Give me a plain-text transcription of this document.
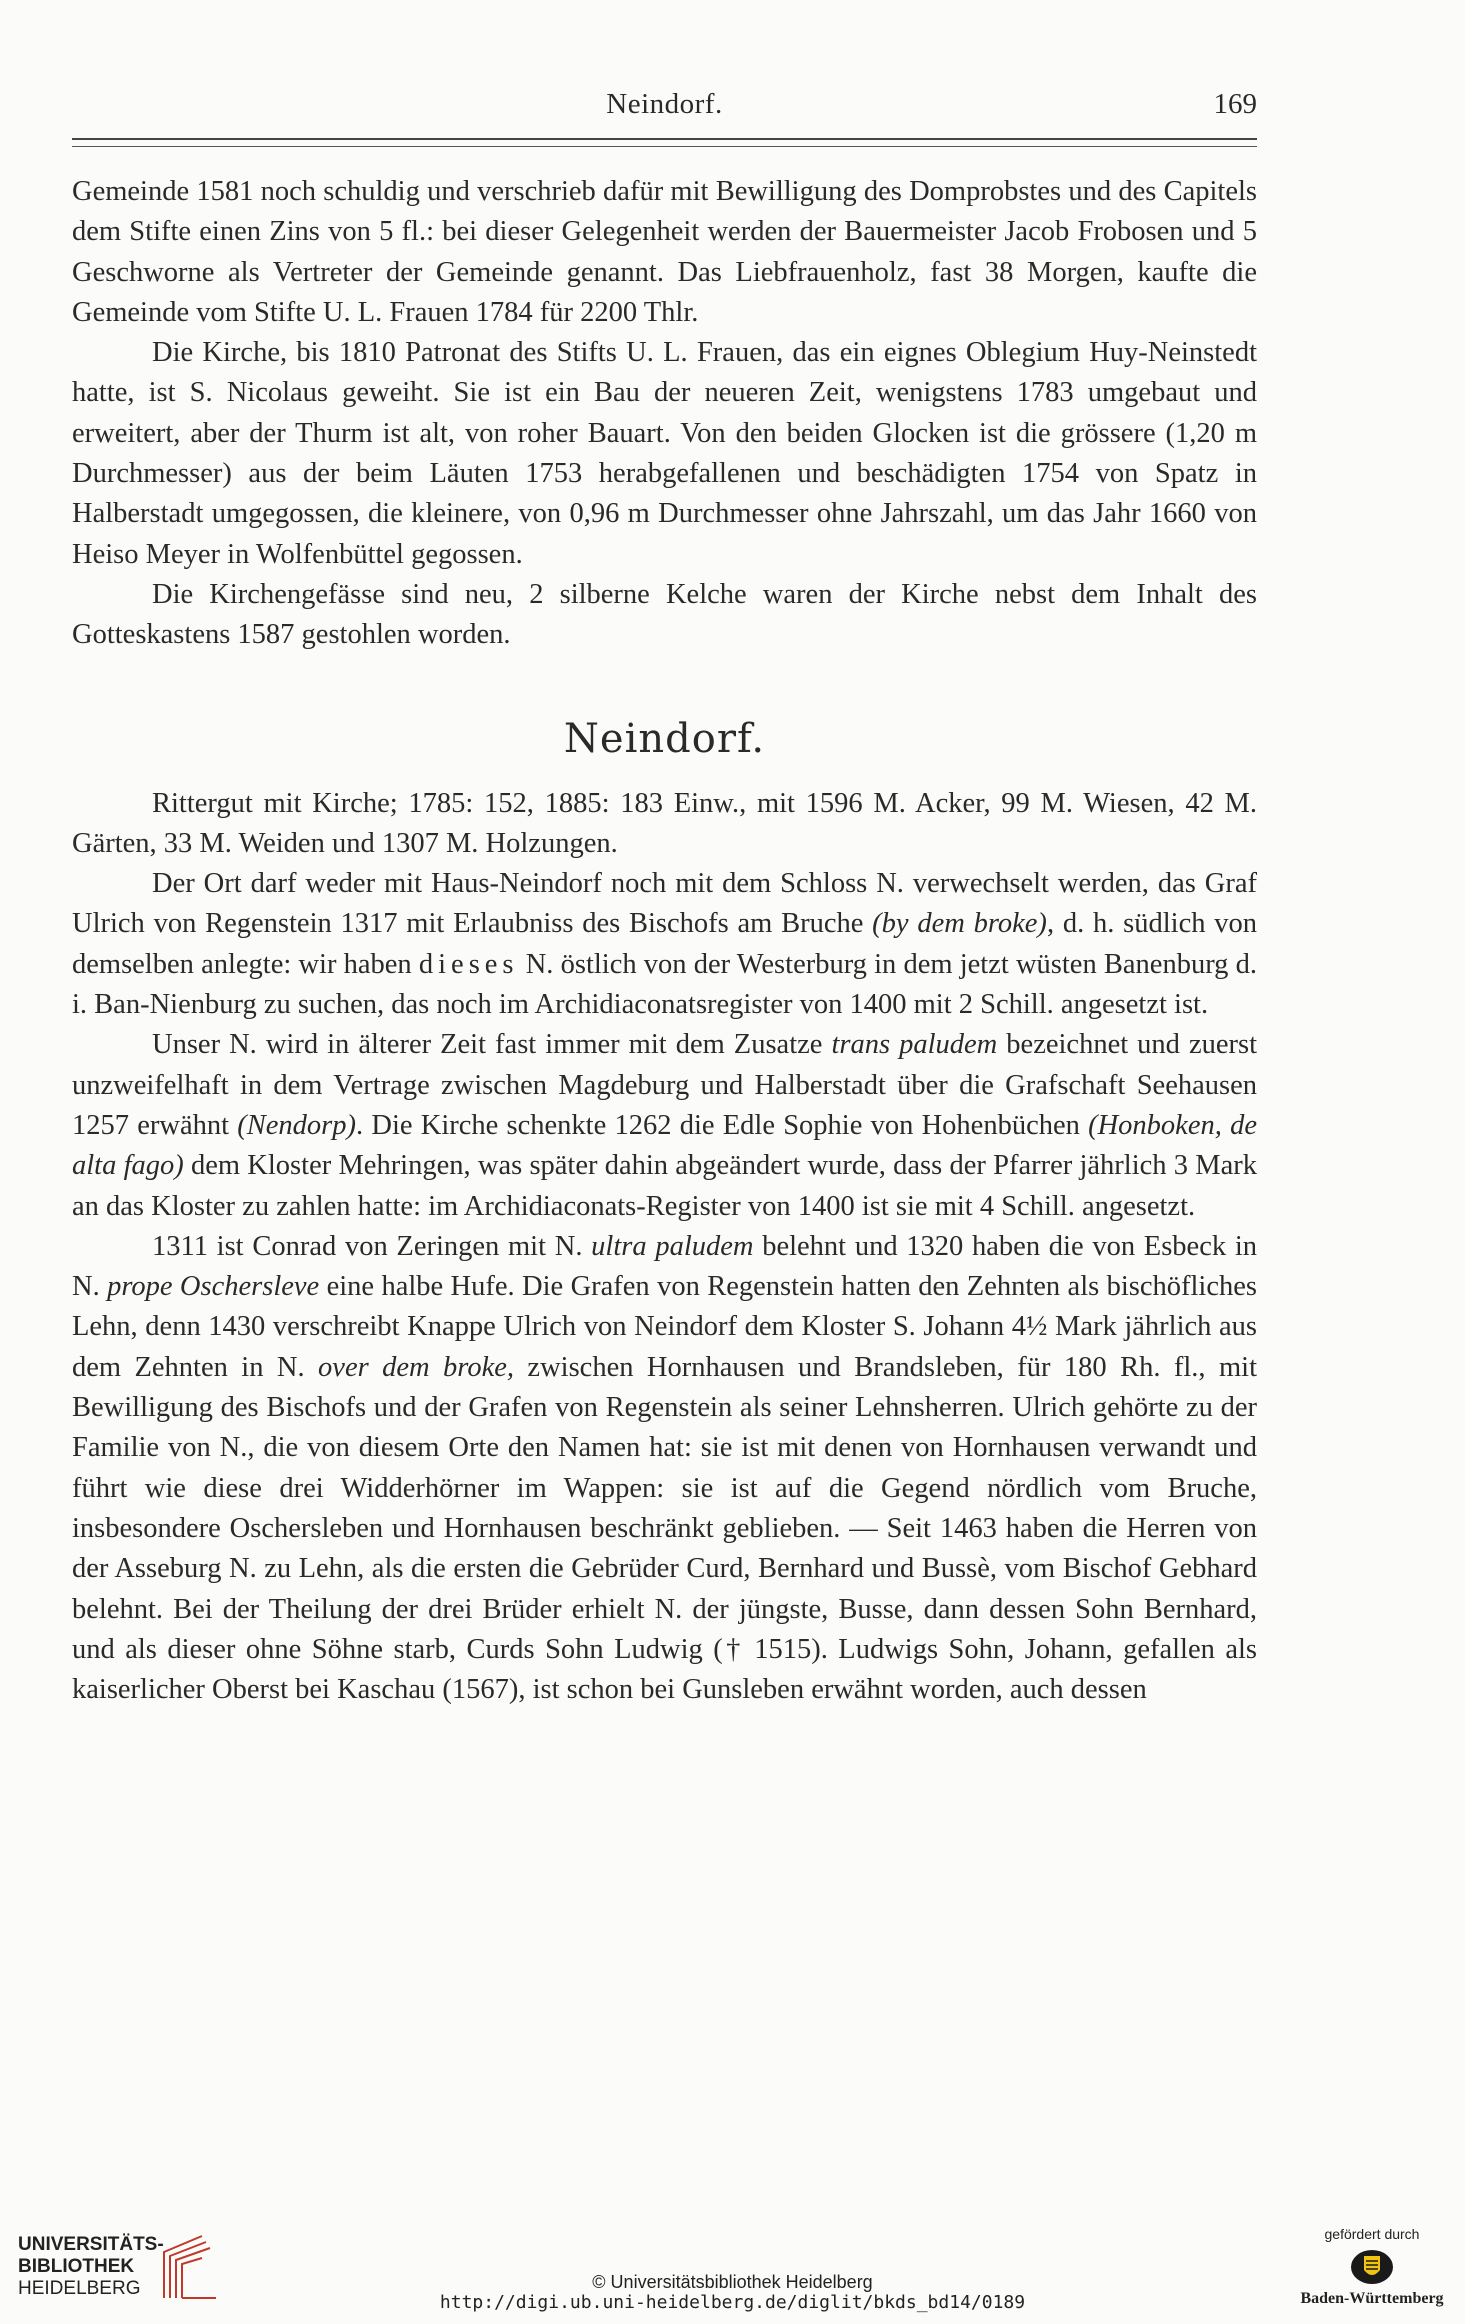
Neindorf.	169

Gemeinde 1581 noch schuldig und verschrieb dafür mit Bewilligung des Domprobstes und des Capitels dem Stifte einen Zins von 5 fl.: bei dieser Gelegenheit werden der Bauermeister Jacob Frobosen und 5 Geschworne als Vertreter der Gemeinde genannt. Das Liebfrauenholz, fast 38 Morgen, kaufte die Gemeinde vom Stifte U. L. Frauen 1784 für 2200 Thlr.

Die Kirche, bis 1810 Patronat des Stifts U. L. Frauen, das ein eignes Oblegium Huy-Neinstedt hatte, ist S. Nicolaus geweiht. Sie ist ein Bau der neueren Zeit, wenigstens 1783 umgebaut und erweitert, aber der Thurm ist alt, von roher Bauart. Von den beiden Glocken ist die grössere (1,20 m Durchmesser) aus der beim Läuten 1753 herabgefallenen und beschädigten 1754 von Spatz in Halberstadt umgegossen, die kleinere, von 0,96 m Durchmesser ohne Jahrszahl, um das Jahr 1660 von Heiso Meyer in Wolfenbüttel gegossen.

Die Kirchengefässe sind neu, 2 silberne Kelche waren der Kirche nebst dem Inhalt des Gotteskastens 1587 gestohlen worden.

Neindorf.

Rittergut mit Kirche; 1785: 152, 1885: 183 Einw., mit 1596 M. Acker, 99 M. Wiesen, 42 M. Gärten, 33 M. Weiden und 1307 M. Holzungen.

Der Ort darf weder mit Haus-Neindorf noch mit dem Schloss N. verwechselt werden, das Graf Ulrich von Regenstein 1317 mit Erlaubniss des Bischofs am Bruche (by dem broke), d. h. südlich von demselben anlegte: wir haben dieses N. östlich von der Westerburg in dem jetzt wüsten Banenburg d. i. Ban-Nienburg zu suchen, das noch im Archidiaconatsregister von 1400 mit 2 Schill. angesetzt ist.

Unser N. wird in älterer Zeit fast immer mit dem Zusatze trans paludem bezeichnet und zuerst unzweifelhaft in dem Vertrage zwischen Magdeburg und Halberstadt über die Grafschaft Seehausen 1257 erwähnt (Nendorp). Die Kirche schenkte 1262 die Edle Sophie von Hohenbüchen (Honboken, de alta fago) dem Kloster Mehringen, was später dahin abgeändert wurde, dass der Pfarrer jährlich 3 Mark an das Kloster zu zahlen hatte: im Archidiaconats-Register von 1400 ist sie mit 4 Schill. angesetzt.

1311 ist Conrad von Zeringen mit N. ultra paludem belehnt und 1320 haben die von Esbeck in N. prope Oschersleve eine halbe Hufe. Die Grafen von Regenstein hatten den Zehnten als bischöfliches Lehn, denn 1430 verschreibt Knappe Ulrich von Neindorf dem Kloster S. Johann 4½ Mark jährlich aus dem Zehnten in N. over dem broke, zwischen Hornhausen und Brandsleben, für 180 Rh. fl., mit Bewilligung des Bischofs und der Grafen von Regenstein als seiner Lehnsherren. Ulrich gehörte zu der Familie von N., die von diesem Orte den Namen hat: sie ist mit denen von Hornhausen verwandt und führt wie diese drei Widderhörner im Wappen: sie ist auf die Gegend nördlich vom Bruche, insbesondere Oschersleben und Hornhausen beschränkt geblieben. — Seit 1463 haben die Herren von der Asseburg N. zu Lehn, als die ersten die Gebrüder Curd, Bernhard und Bussè, vom Bischof Gebhard belehnt. Bei der Theilung der drei Brüder erhielt N. der jüngste, Busse, dann dessen Sohn Bernhard, und als dieser ohne Söhne starb, Curds Sohn Ludwig († 1515). Ludwigs Sohn, Johann, gefallen als kaiserlicher Oberst bei Kaschau (1567), ist schon bei Gunsleben erwähnt worden, auch dessen

UNIVERSITÄTS-
BIBLIOTHEK
HEIDELBERG	© Universitätsbibliothek Heidelberg
http://digi.ub.uni-heidelberg.de/diglit/bkds_bd14/0189
gefördert durch
Baden-Württemberg
